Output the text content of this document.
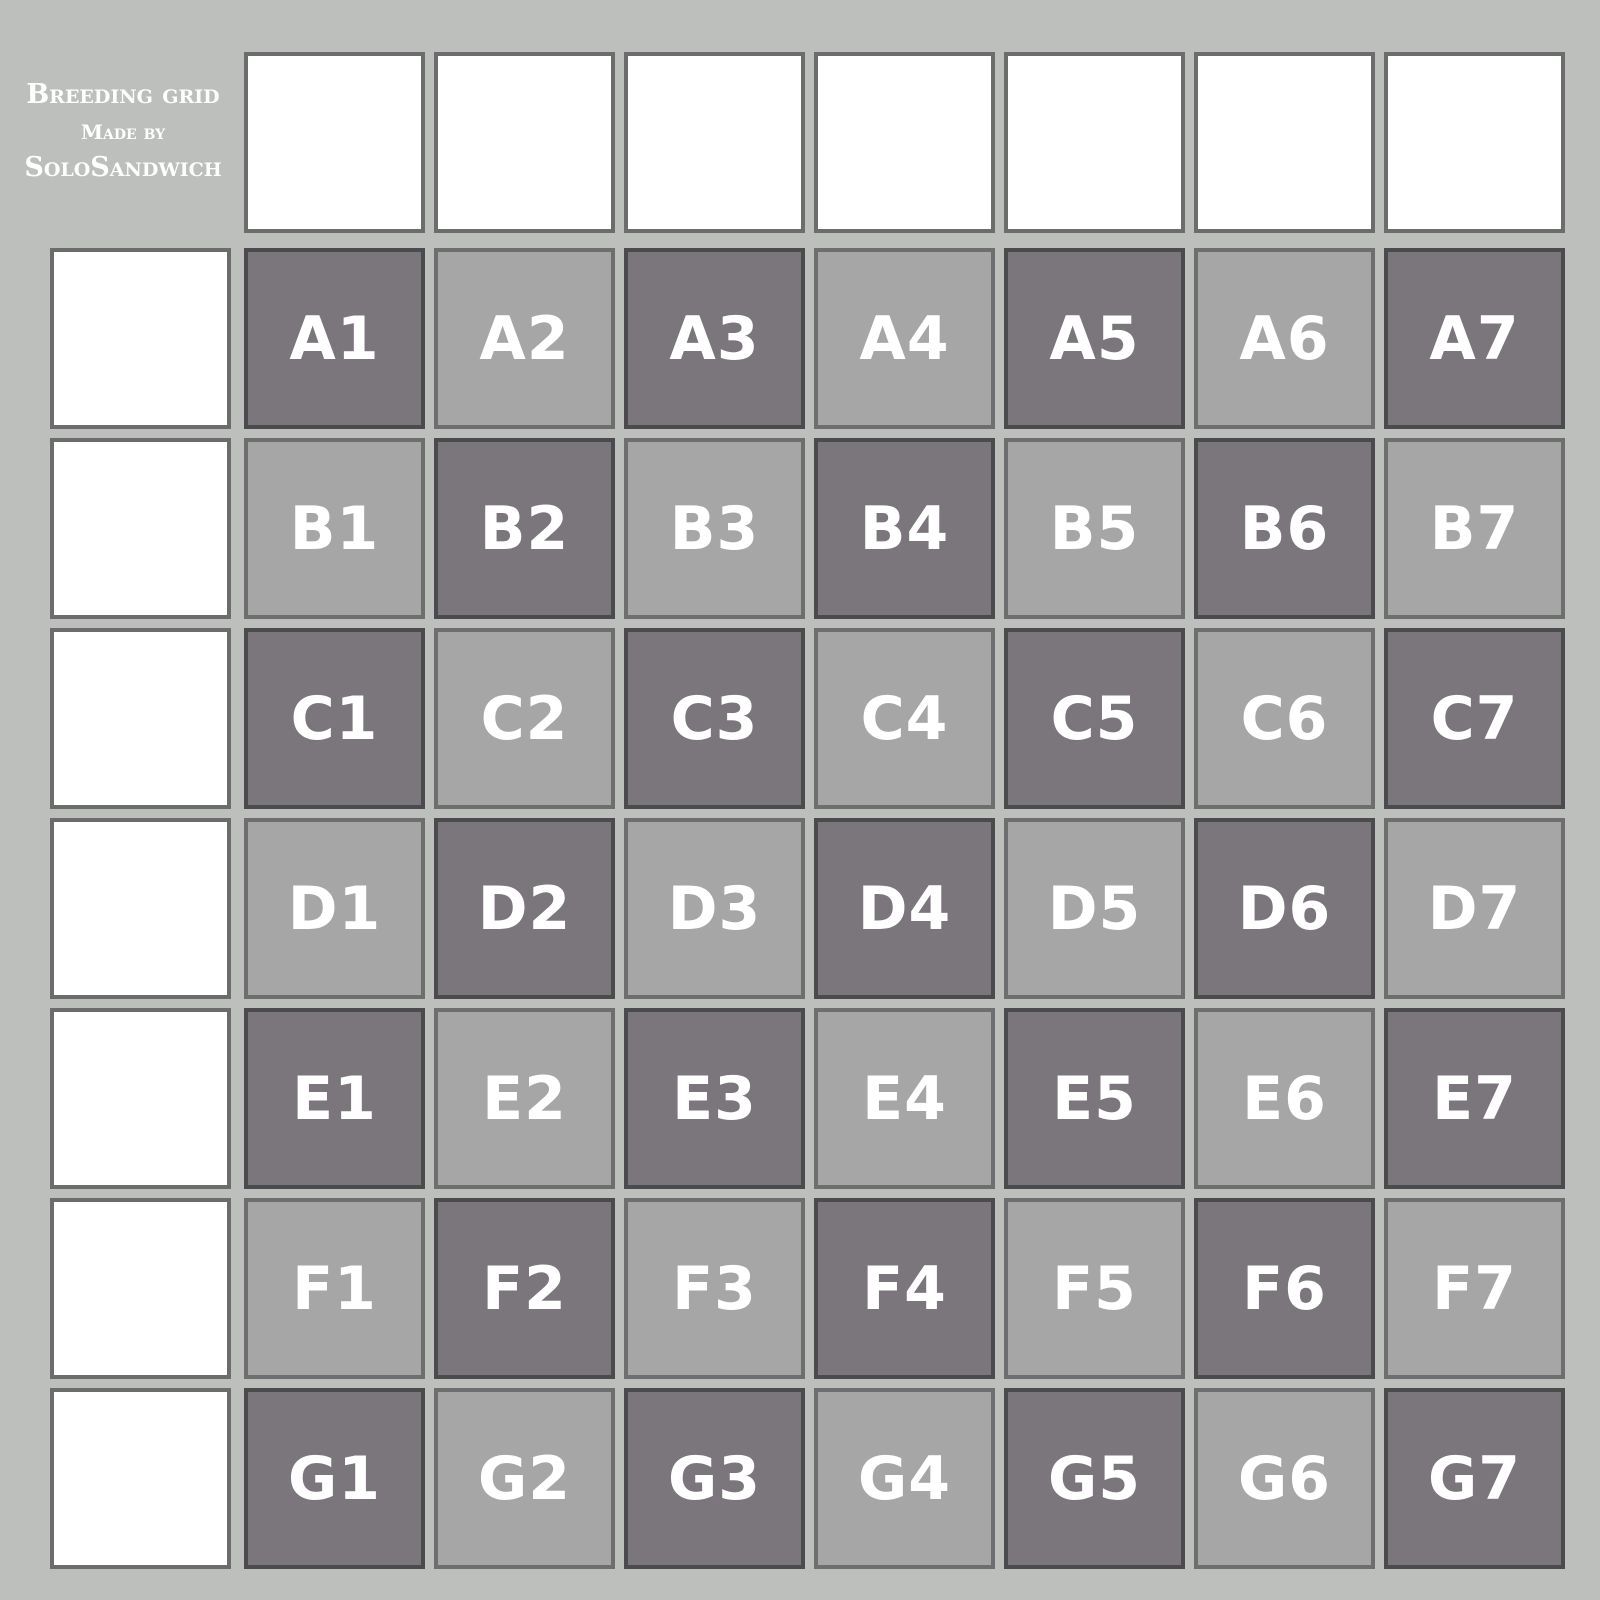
Breeding grid
Made by
SoloSandwich
A1 A2 A3 A4 A5 A6 A7
B1 B2 B3 B4 B5 B6 B7
C1 C2 C3 C4 C5 C6 C7
D1 D2 D3 D4 D5 D6 D7
E1 E2 E3 E4 E5 E6 E7
F1 F2 F3 F4 F5 F6 F7
G1 G2 G3 G4 G5 G6 G7
